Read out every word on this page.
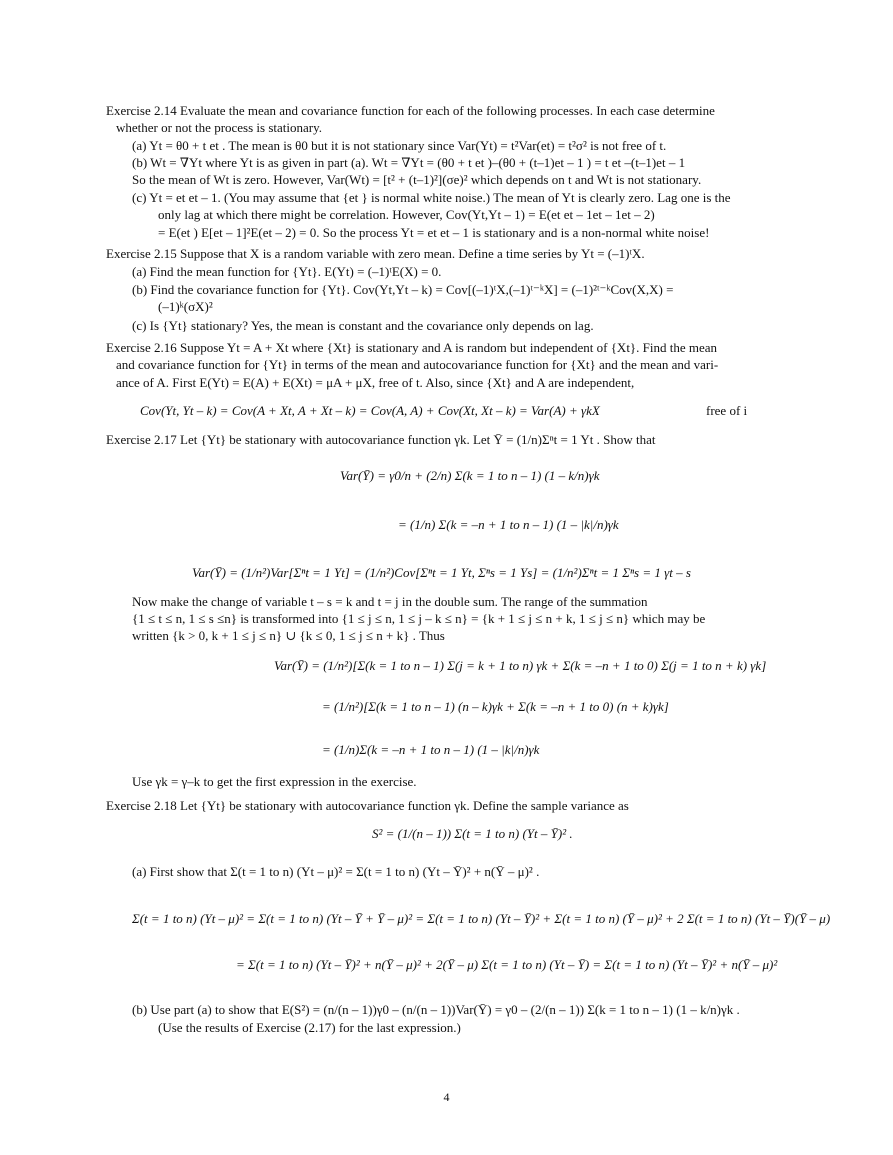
Exercise 2.14 Evaluate the mean and covariance function for each of the following processes. In each case determine
whether or not the process is stationary.
(a) Yt = θ0 + t et . The mean is θ0 but it is not stationary since Var(Yt) = t²Var(et) = t²σ² is not free of t.
(b) Wt = ∇Yt where Yt is as given in part (a). Wt = ∇Yt = (θ0 + t et )–(θ0 + (t–1)et – 1 ) = t et –(t–1)et – 1
So the mean of Wt is zero. However, Var(Wt) = [t² + (t–1)²](σe)² which depends on t and Wt is not stationary.
(c) Yt = et et – 1. (You may assume that {et } is normal white noise.) The mean of Yt is clearly zero. Lag one is the
only lag at which there might be correlation. However, Cov(Yt,Yt – 1) = E(et et – 1et – 1et – 2)
= E(et ) E[et – 1]²E(et – 2) = 0. So the process Yt = et et – 1 is stationary and is a non-normal white noise!
Exercise 2.15 Suppose that X is a random variable with zero mean. Define a time series by Yt = (–1)ᵗX.
(a) Find the mean function for {Yt}. E(Yt) = (–1)ᵗE(X) = 0.
(b) Find the covariance function for {Yt}. Cov(Yt,Yt – k) = Cov[(–1)ᵗX,(–1)ᵗ⁻ᵏX] = (–1)²ᵗ⁻ᵏCov(X,X) =
(–1)ᵏ(σX)²
(c) Is {Yt} stationary? Yes, the mean is constant and the covariance only depends on lag.
Exercise 2.16 Suppose Yt = A + Xt where {Xt} is stationary and A is random but independent of {Xt}. Find the mean
and covariance function for {Yt} in terms of the mean and autocovariance function for {Xt} and the mean and vari-
ance of A. First E(Yt) = E(A) + E(Xt) = μA + μX, free of t. Also, since {Xt} and A are independent,
Cov(Yt, Yt – k) = Cov(A + Xt, A + Xt – k) = Cov(A, A) + Cov(Xt, Xt – k) = Var(A) + γkX	free of i
Exercise 2.17 Let {Yt} be stationary with autocovariance function γk. Let Ȳ = (1/n)Σⁿt = 1 Yt . Show that
Var(Ȳ) = γ0/n + (2/n) Σ(k = 1 to n – 1) (1 – k/n)γk
= (1/n) Σ(k = –n + 1 to n – 1) (1 – |k|/n)γk
Var(Ȳ) = (1/n²)Var[Σⁿt = 1 Yt] = (1/n²)Cov[Σⁿt = 1 Yt, Σⁿs = 1 Ys] = (1/n²)Σⁿt = 1 Σⁿs = 1 γt – s
Now make the change of variable t – s = k and t = j in the double sum. The range of the summation
{1 ≤ t ≤ n, 1 ≤ s ≤n} is transformed into {1 ≤ j ≤ n, 1 ≤ j – k ≤ n} = {k + 1 ≤ j ≤ n + k, 1 ≤ j ≤ n} which may be
written {k > 0, k + 1 ≤ j ≤ n} ∪ {k ≤ 0, 1 ≤ j ≤ n + k} . Thus
Var(Ȳ) = (1/n²)[Σ(k = 1 to n – 1) Σ(j = k + 1 to n) γk + Σ(k = –n + 1 to 0) Σ(j = 1 to n + k) γk]
= (1/n²)[Σ(k = 1 to n – 1) (n – k)γk + Σ(k = –n + 1 to 0) (n + k)γk]
= (1/n)Σ(k = –n + 1 to n – 1) (1 – |k|/n)γk
Use γk = γ–k to get the first expression in the exercise.
Exercise 2.18 Let {Yt} be stationary with autocovariance function γk. Define the sample variance as
S² = (1/(n – 1)) Σ(t = 1 to n) (Yt – Ȳ)² .
(a) First show that Σ(t = 1 to n) (Yt – μ)² = Σ(t = 1 to n) (Yt – Ȳ)² + n(Ȳ – μ)² .
Σ(t = 1 to n) (Yt – μ)² = Σ(t = 1 to n) (Yt – Ȳ + Ȳ – μ)² = Σ(t = 1 to n) (Yt – Ȳ)² + Σ(t = 1 to n) (Ȳ – μ)² + 2 Σ(t = 1 to n) (Yt – Ȳ)(Ȳ – μ)
= Σ(t = 1 to n) (Yt – Ȳ)² + n(Ȳ – μ)² + 2(Ȳ – μ) Σ(t = 1 to n) (Yt – Ȳ) = Σ(t = 1 to n) (Yt – Ȳ)² + n(Ȳ – μ)²
(b) Use part (a) to show that E(S²) = (n/(n – 1))γ0 – (n/(n – 1))Var(Ȳ) = γ0 – (2/(n – 1)) Σ(k = 1 to n – 1) (1 – k/n)γk .
(Use the results of Exercise (2.17) for the last expression.)
4
